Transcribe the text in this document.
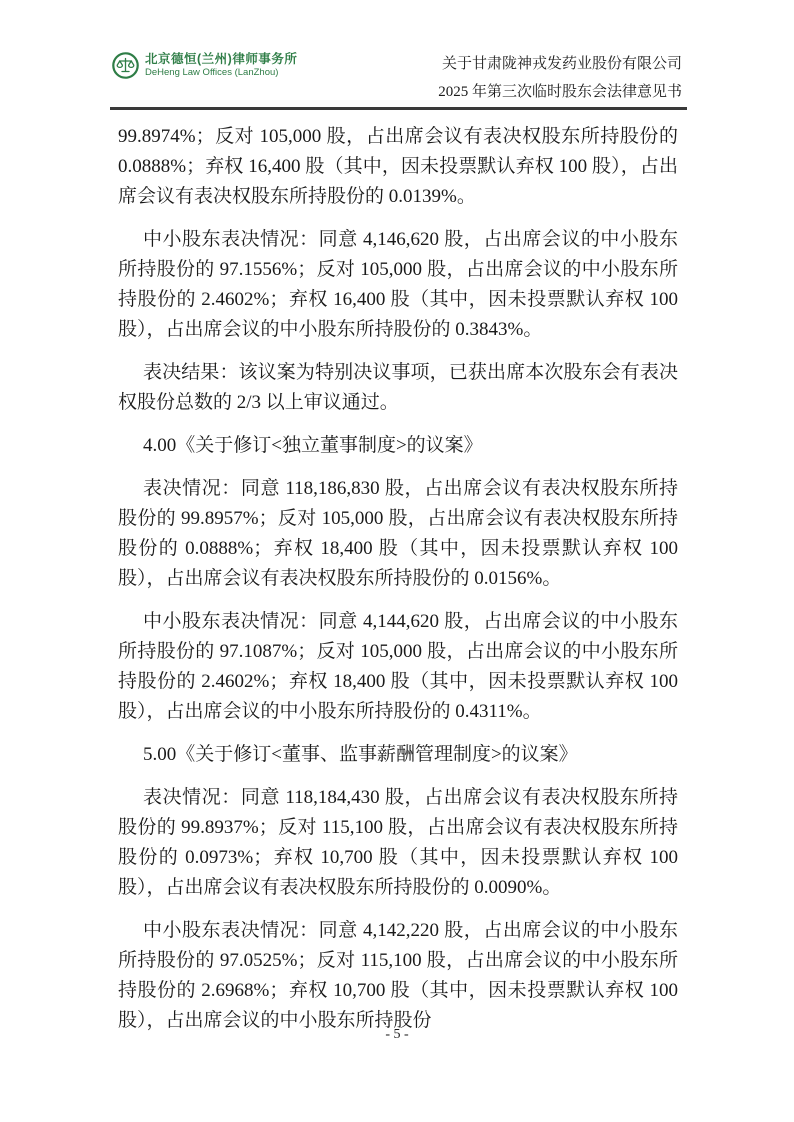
北京德恒(兰州)律师事务所
DeHeng Law Offices (LanZhou)
关于甘肃陇神戎发药业股份有限公司
2025 年第三次临时股东会法律意见书

99.8974%；反对 105,000 股，占出席会议有表决权股东所持股份的 0.0888%；弃权 16,400 股（其中，因未投票默认弃权 100 股），占出席会议有表决权股东所持股份的 0.0139%。

中小股东表决情况：同意 4,146,620 股，占出席会议的中小股东所持股份的 97.1556%；反对 105,000 股，占出席会议的中小股东所持股份的 2.4602%；弃权 16,400 股（其中，因未投票默认弃权 100 股），占出席会议的中小股东所持股份的 0.3843%。

表决结果：该议案为特别决议事项，已获出席本次股东会有表决权股份总数的 2/3 以上审议通过。

4.00《关于修订<独立董事制度>的议案》

表决情况：同意 118,186,830 股，占出席会议有表决权股东所持股份的 99.8957%；反对 105,000 股，占出席会议有表决权股东所持股份的 0.0888%；弃权 18,400 股（其中，因未投票默认弃权 100 股），占出席会议有表决权股东所持股份的 0.0156%。

中小股东表决情况：同意 4,144,620 股，占出席会议的中小股东所持股份的 97.1087%；反对 105,000 股，占出席会议的中小股东所持股份的 2.4602%；弃权 18,400 股（其中，因未投票默认弃权 100 股），占出席会议的中小股东所持股份的 0.4311%。

5.00《关于修订<董事、监事薪酬管理制度>的议案》

表决情况：同意 118,184,430 股，占出席会议有表决权股东所持股份的 99.8937%；反对 115,100 股，占出席会议有表决权股东所持股份的 0.0973%；弃权 10,700 股（其中，因未投票默认弃权 100 股），占出席会议有表决权股东所持股份的 0.0090%。

中小股东表决情况：同意 4,142,220 股，占出席会议的中小股东所持股份的 97.0525%；反对 115,100 股，占出席会议的中小股东所持股份的 2.6968%；弃权 10,700 股（其中，因未投票默认弃权 100 股），占出席会议的中小股东所持股份

- 5 -
